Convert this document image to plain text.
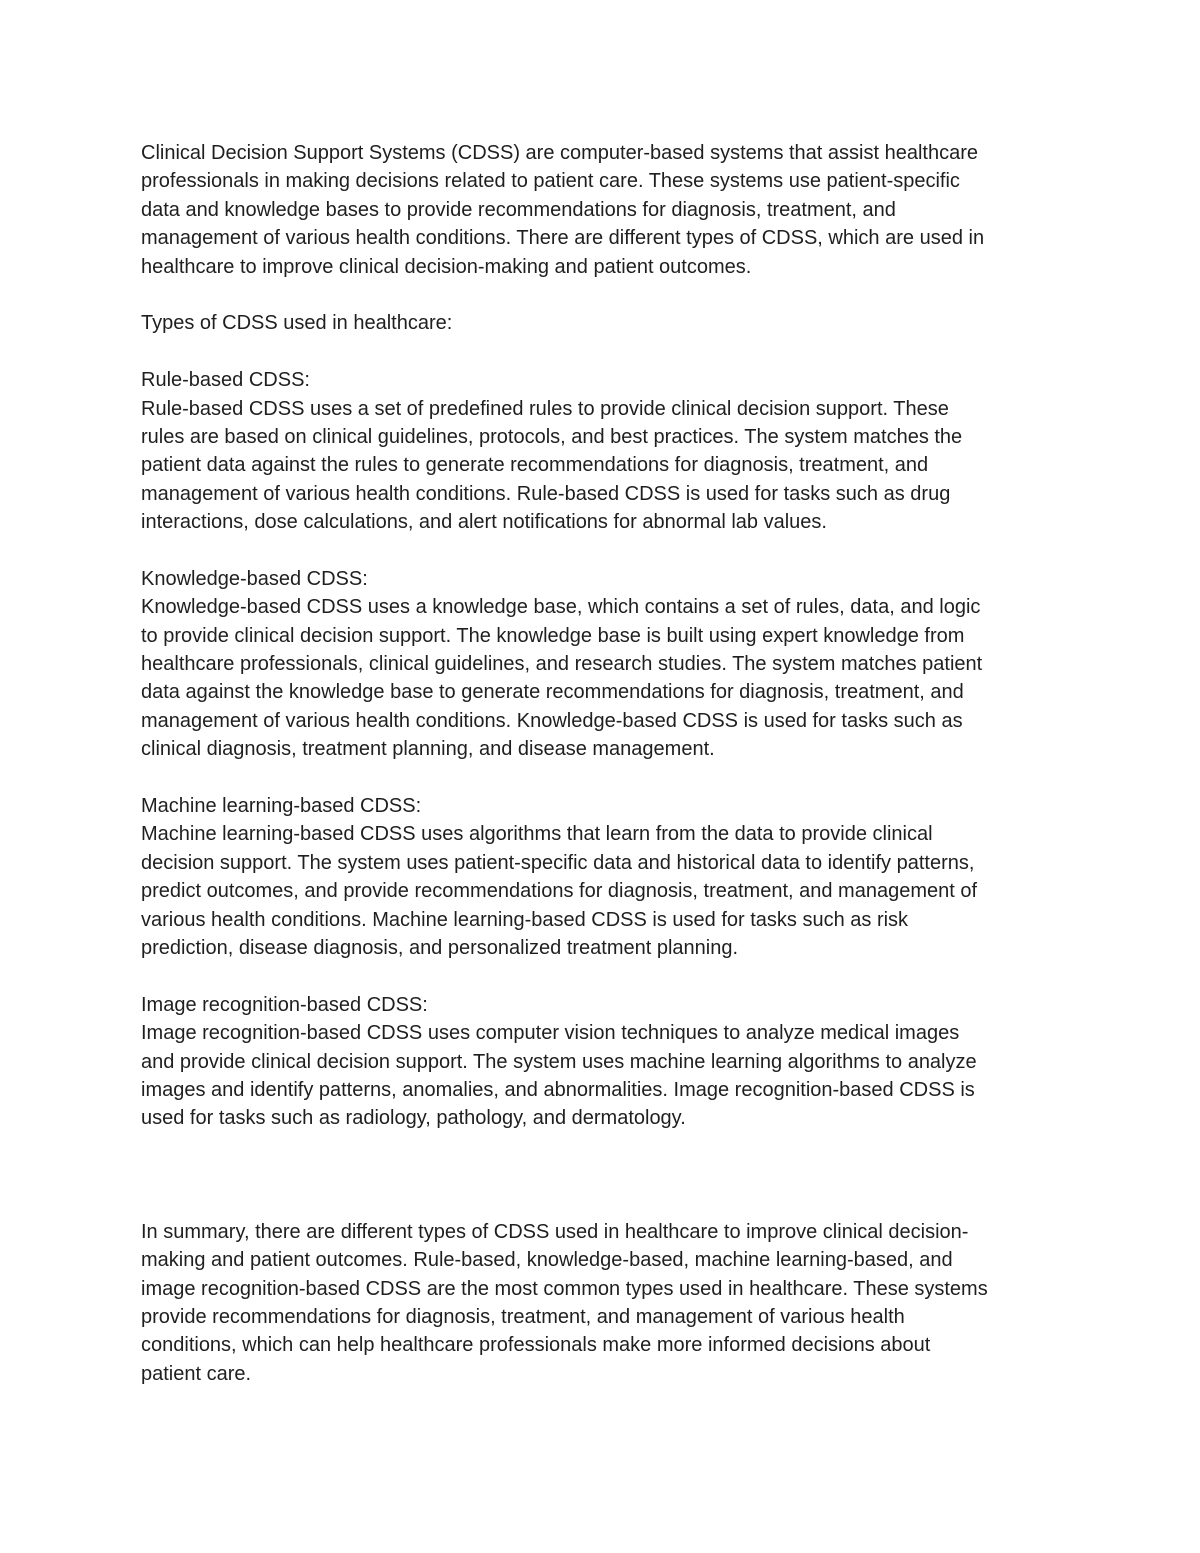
Clinical Decision Support Systems (CDSS) are computer-based systems that assist healthcare
professionals in making decisions related to patient care. These systems use patient-specific
data and knowledge bases to provide recommendations for diagnosis, treatment, and
management of various health conditions. There are different types of CDSS, which are used in
healthcare to improve clinical decision-making and patient outcomes.
Types of CDSS used in healthcare:
Rule-based CDSS:
Rule-based CDSS uses a set of predefined rules to provide clinical decision support. These
rules are based on clinical guidelines, protocols, and best practices. The system matches the
patient data against the rules to generate recommendations for diagnosis, treatment, and
management of various health conditions. Rule-based CDSS is used for tasks such as drug
interactions, dose calculations, and alert notifications for abnormal lab values.
Knowledge-based CDSS:
Knowledge-based CDSS uses a knowledge base, which contains a set of rules, data, and logic
to provide clinical decision support. The knowledge base is built using expert knowledge from
healthcare professionals, clinical guidelines, and research studies. The system matches patient
data against the knowledge base to generate recommendations for diagnosis, treatment, and
management of various health conditions. Knowledge-based CDSS is used for tasks such as
clinical diagnosis, treatment planning, and disease management.
Machine learning-based CDSS:
Machine learning-based CDSS uses algorithms that learn from the data to provide clinical
decision support. The system uses patient-specific data and historical data to identify patterns,
predict outcomes, and provide recommendations for diagnosis, treatment, and management of
various health conditions. Machine learning-based CDSS is used for tasks such as risk
prediction, disease diagnosis, and personalized treatment planning.
Image recognition-based CDSS:
Image recognition-based CDSS uses computer vision techniques to analyze medical images
and provide clinical decision support. The system uses machine learning algorithms to analyze
images and identify patterns, anomalies, and abnormalities. Image recognition-based CDSS is
used for tasks such as radiology, pathology, and dermatology.
In summary, there are different types of CDSS used in healthcare to improve clinical decision-
making and patient outcomes. Rule-based, knowledge-based, machine learning-based, and
image recognition-based CDSS are the most common types used in healthcare. These systems
provide recommendations for diagnosis, treatment, and management of various health
conditions, which can help healthcare professionals make more informed decisions about
patient care.
